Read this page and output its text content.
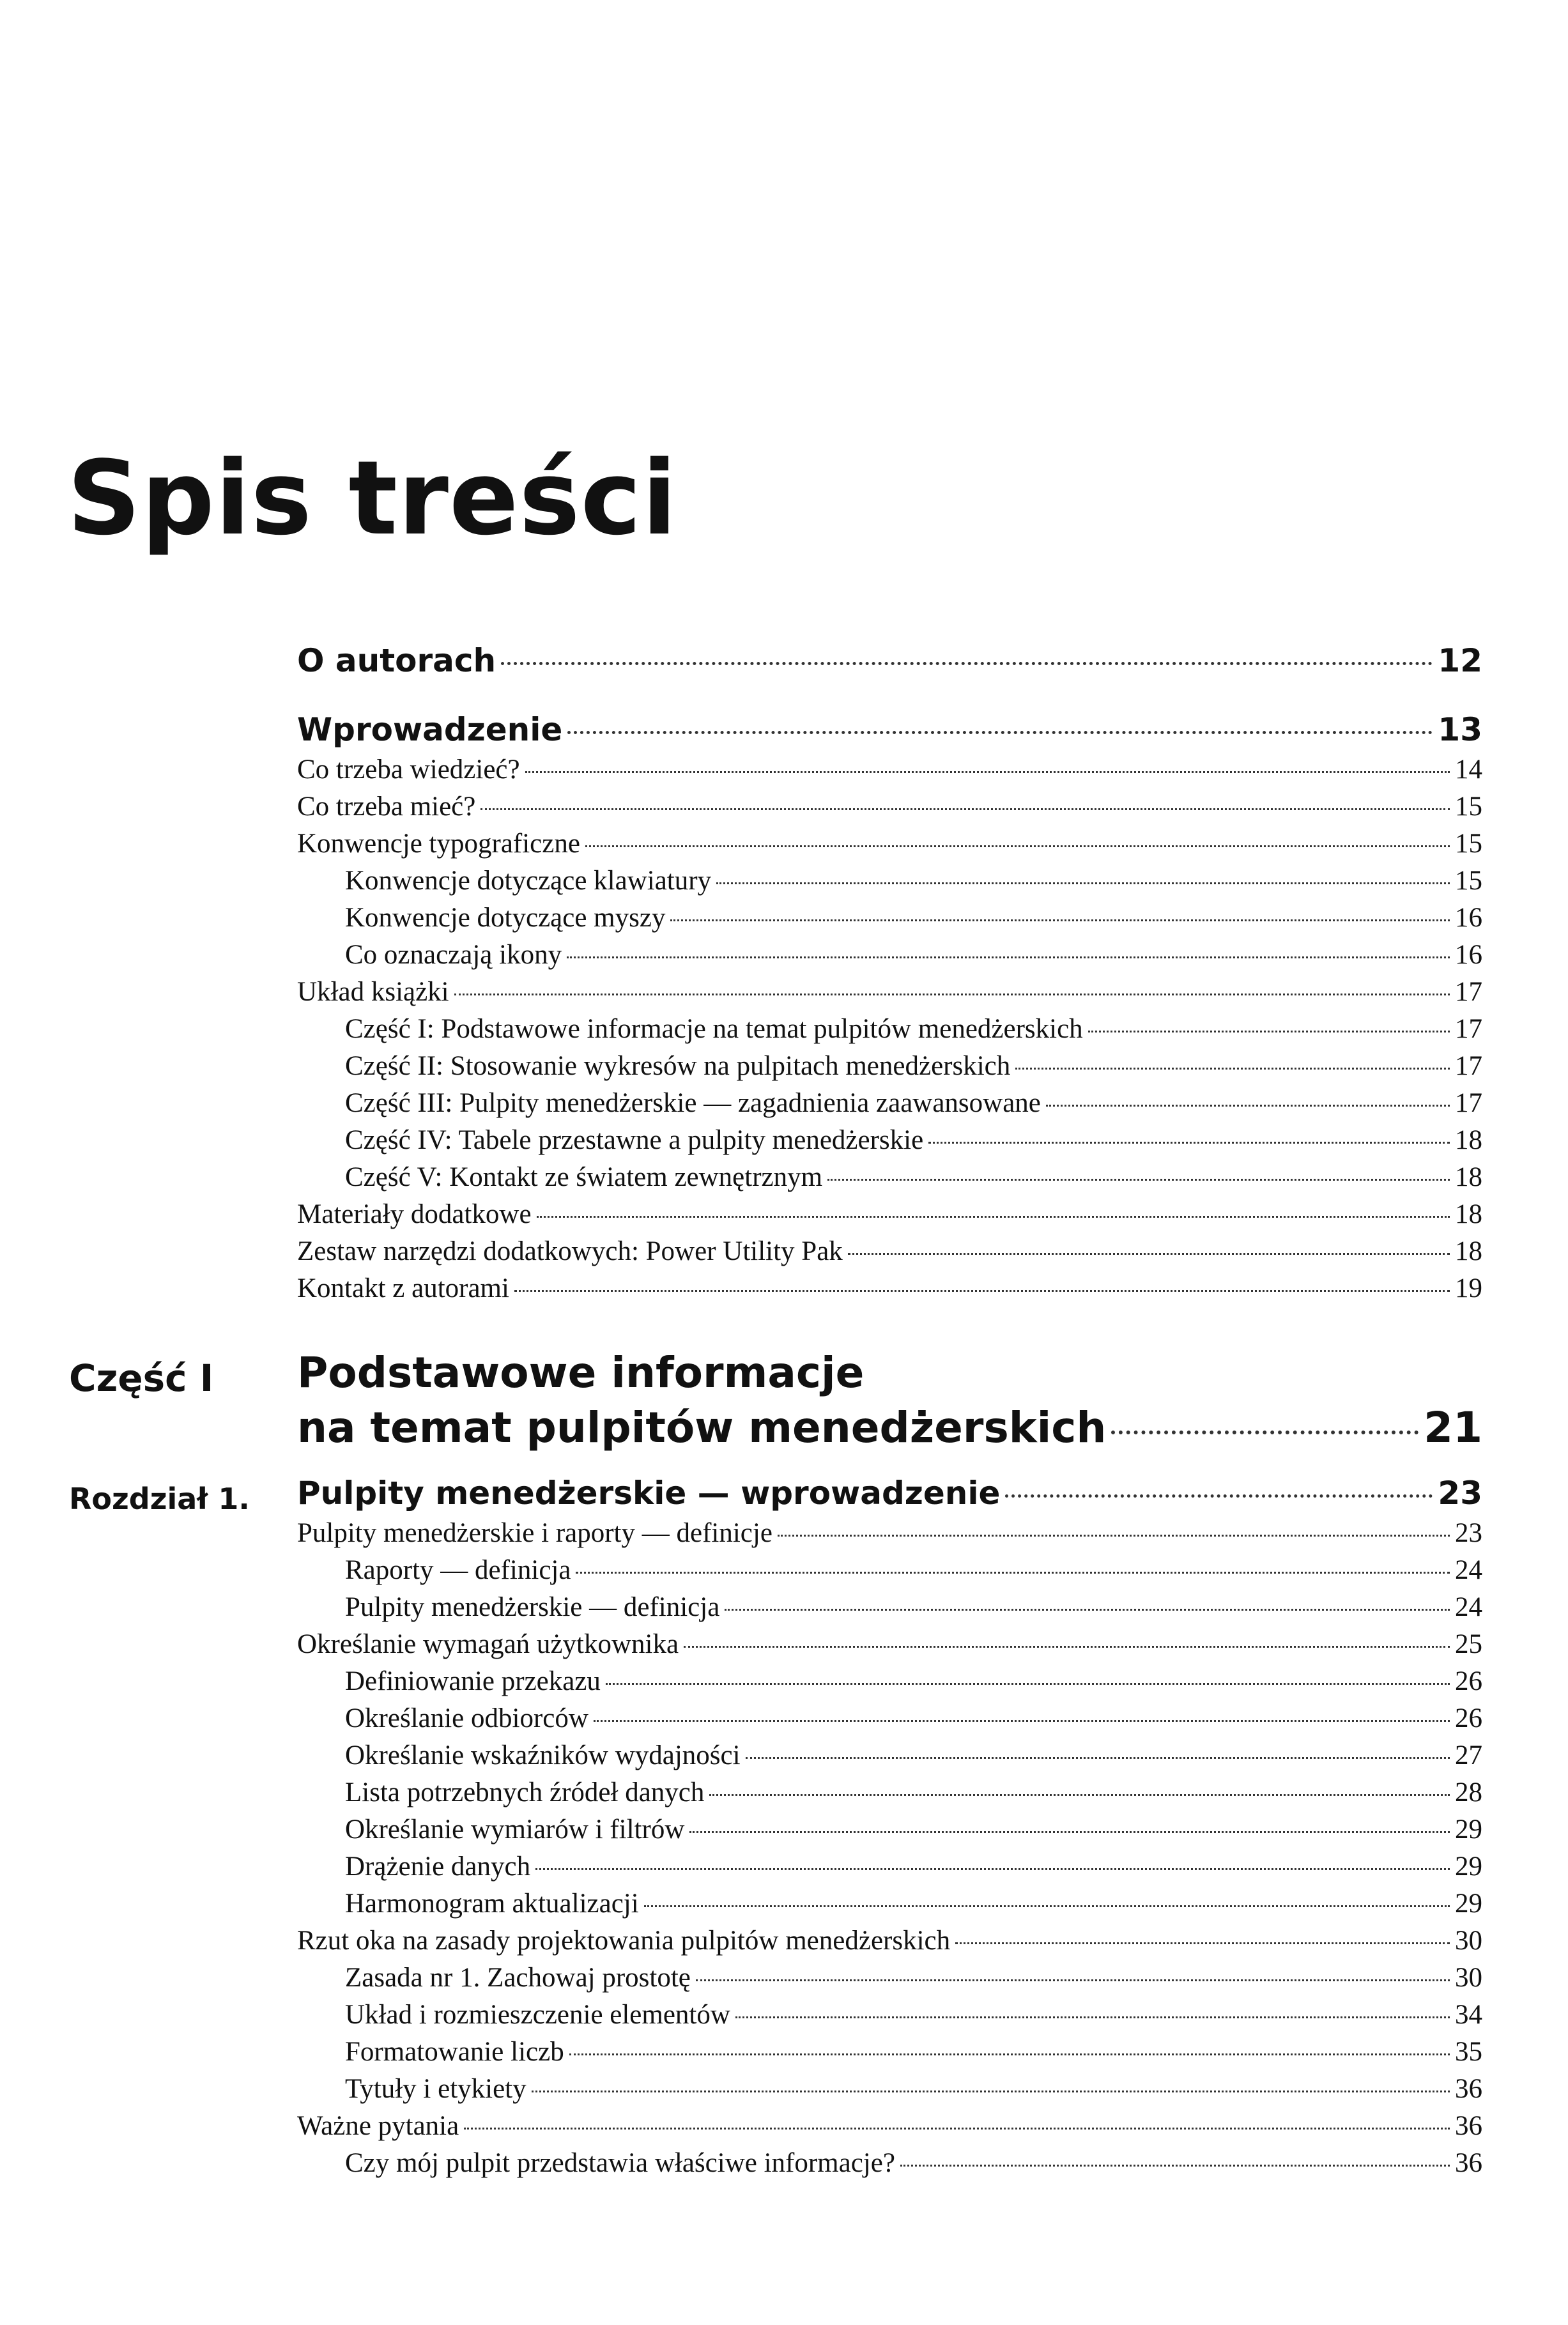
Spis treści
O autorach	12
Wprowadzenie	13
Co trzeba wiedzieć?	14
Co trzeba mieć?	15
Konwencje typograficzne	15
Konwencje dotyczące klawiatury	15
Konwencje dotyczące myszy	16
Co oznaczają ikony	16
Układ książki	17
Część I: Podstawowe informacje na temat pulpitów menedżerskich	17
Część II: Stosowanie wykresów na pulpitach menedżerskich	17
Część III: Pulpity menedżerskie — zagadnienia zaawansowane	17
Część IV: Tabele przestawne a pulpity menedżerskie	18
Część V: Kontakt ze światem zewnętrznym	18
Materiały dodatkowe	18
Zestaw narzędzi dodatkowych: Power Utility Pak	18
Kontakt z autorami	19
Część I Podstawowe informacje
na temat pulpitów menedżerskich	21
Rozdział 1. Pulpity menedżerskie — wprowadzenie	23
Pulpity menedżerskie i raporty — definicje	23
Raporty — definicja	24
Pulpity menedżerskie — definicja	24
Określanie wymagań użytkownika	25
Definiowanie przekazu	26
Określanie odbiorców	26
Określanie wskaźników wydajności	27
Lista potrzebnych źródeł danych	28
Określanie wymiarów i filtrów	29
Drążenie danych	29
Harmonogram aktualizacji	29
Rzut oka na zasady projektowania pulpitów menedżerskich	30
Zasada nr 1. Zachowaj prostotę	30
Układ i rozmieszczenie elementów	34
Formatowanie liczb	35
Tytuły i etykiety	36
Ważne pytania	36
Czy mój pulpit przedstawia właściwe informacje?	36
